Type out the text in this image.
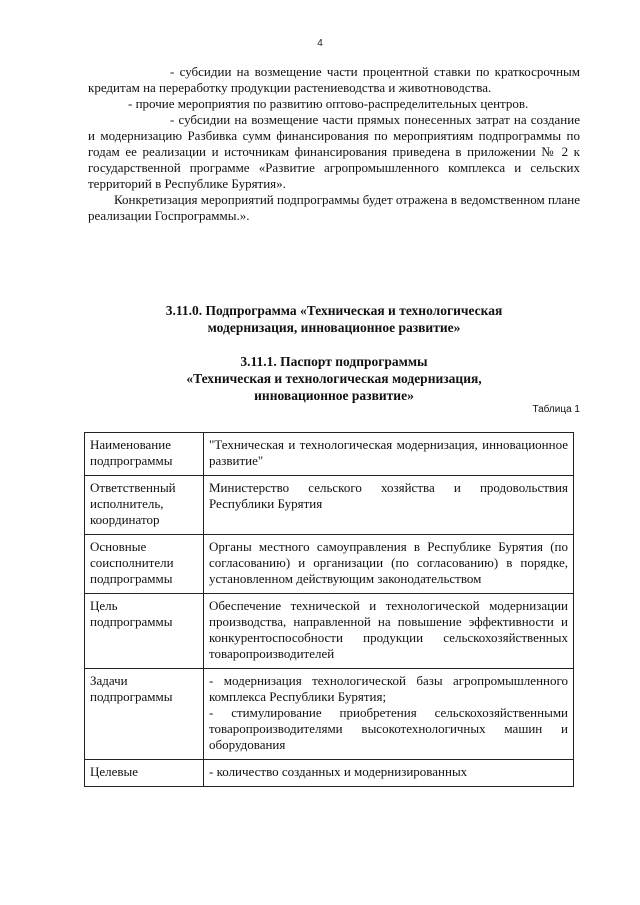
4

- субсидии на возмещение части процентной ставки по краткосрочным кредитам на переработку продукции растениеводства и животноводства.

- прочие мероприятия по развитию оптово-распределительных центров.

- субсидии на возмещение части прямых понесенных затрат на создание и модернизацию Разбивка сумм финансирования по мероприятиям подпрограммы по годам ее реализации и источникам финансирования приведена в приложении № 2 к государственной программе «Развитие агропромышленного комплекса и сельских территорий в Республике Бурятия».

Конкретизация мероприятий подпрограммы будет отражена в ведомственном плане реализации Госпрограммы.».

3.11.0. Подпрограмма «Техническая и технологическая

модернизация, инновационное развитие»

3.11.1. Паспорт подпрограммы

«Техническая и технологическая модернизация,

инновационное развитие»

Таблица 1
Наименование подпрограммы	"Техническая и технологическая модернизация, инновационное развитие"
Ответственный исполнитель, координатор	Министерство сельского хозяйства и продовольствия Республики Бурятия
Основные соисполнители подпрограммы	Органы местного самоуправления в Республике Бурятия (по согласованию) и организации (по согласованию) в порядке, установленном действующим законодательством
Цель подпрограммы	Обеспечение технической и технологической модернизации производства, направленной на повышение эффективности и конкурентоспособности продукции сельскохозяйственных товаропроизводителей
Задачи подпрограммы	- модернизация технологической базы агропромышленного комплекса Республики Бурятия;
- стимулирование приобретения сельскохозяйственными товаропроизводителями высокотехнологичных машин и оборудования

Целевые	- количество созданных и модернизированных
